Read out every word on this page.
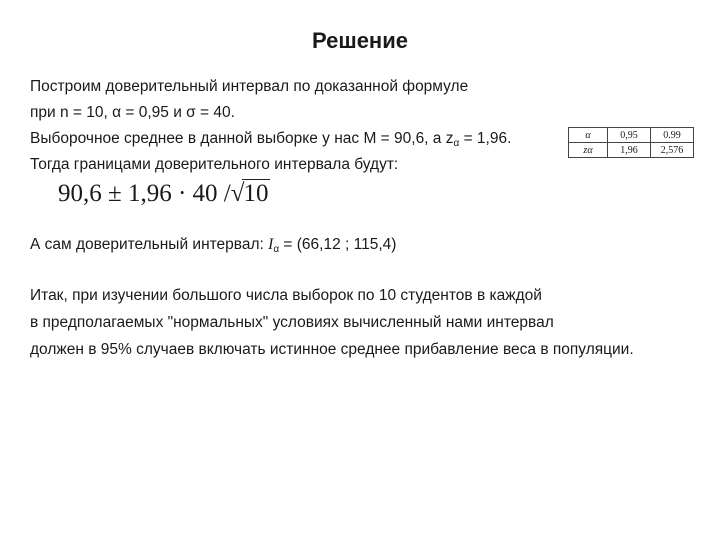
Решение
Построим доверительный интервал по доказанной формуле
при n = 10, α = 0,95 и σ = 40.
Выборочное среднее в данной выборке у нас М = 90,6, а $z_\alpha = 1,96$.
Тогда границами доверительного интервала будут:
90,6 ± 1,96 · 40 /√10
А сам доверительный интервал: $I_\alpha = (66,12$ ; 115,4)
Итак, при изучении большого числа выборок по 10 студентов в каждой
в предполагаемых "нормальных" условиях вычисленный нами интервал
должен в 95% случаев включать истинное среднее прибавление веса в популяции.
α	0,95	0.99
zα	1,96	2,576
